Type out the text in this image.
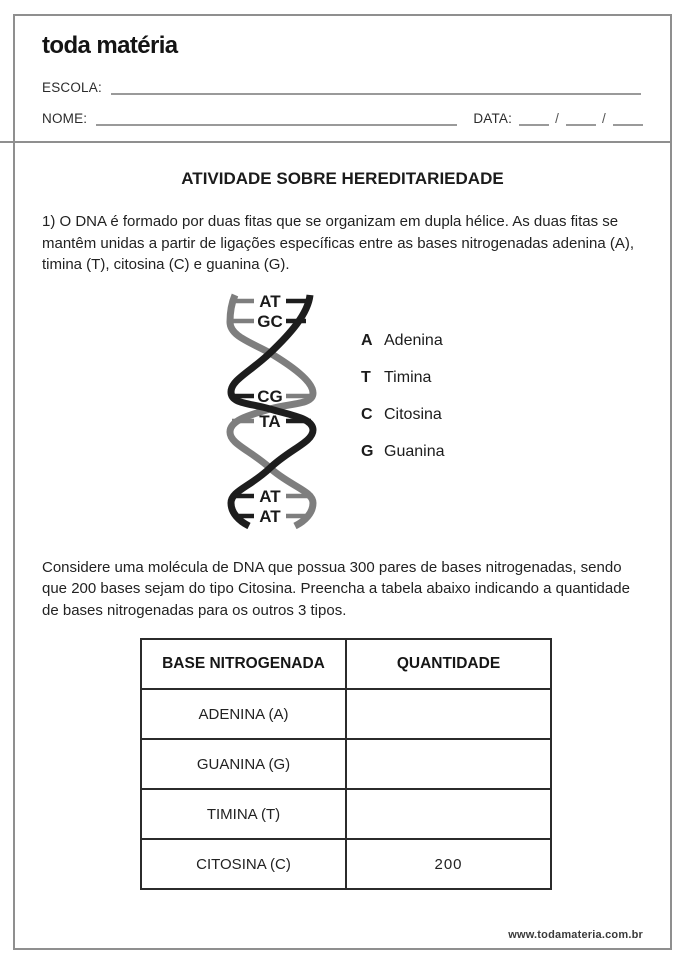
toda matéria
ESCOLA:
NOME:	DATA:	/	/
ATIVIDADE SOBRE HEREDITARIEDADE
1) O DNA é formado por duas fitas que se organizam em dupla hélice. As duas fitas se mantêm unidas a partir de ligações específicas entre as bases nitrogenadas adenina (A), timina (T), citosina (C) e guanina (G).
AT
GC
CG
TA
AT
AT
A Adenina
T Timina
C Citosina
G Guanina
Considere uma molécula de DNA que possua 300 pares de bases nitrogenadas, sendo que 200 bases sejam do tipo Citosina. Preencha a tabela abaixo indicando a quantidade de bases nitrogenadas para os outros 3 tipos.
BASE NITROGENADA	QUANTIDADE
ADENINA (A)	
GUANINA (G)	
TIMINA (T)	
CITOSINA (C)	200
www.todamateria.com.br
